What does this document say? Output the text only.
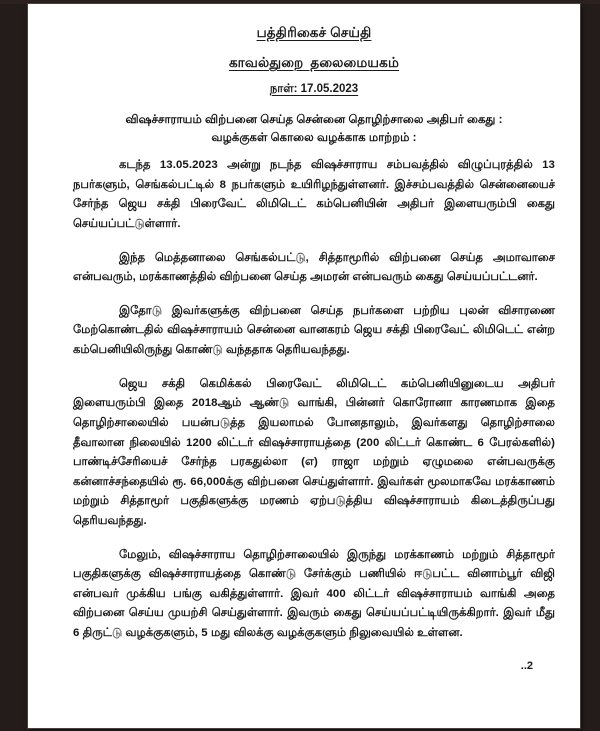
பத்திரிகைச் செய்தி
காவல்துறை தலைமையகம்
நாள்: 17.05.2023
விஷச்சாராயம் விற்பனை செய்த சென்னை தொழிற்சாலை அதிபர் கைது :
வழக்குகள் கொலை வழக்காக மாற்றம் :

கடந்த 13.05.2023 அன்று நடந்த விஷச்சாராய சம்பவத்தில் விழுப்புரத்தில் 13 நபர்களும், செங்கல்பட்டில் 8 நபர்களும் உயிரிழந்துள்ளனர். இச்சம்பவத்தில் சென்னையைச் சேர்ந்த ஜெய சக்தி பிரைவேட் லிமிடெட் கம்பெனியின் அதிபர் இளையரும்பி கைது செய்யப்பட்டுள்ளார்.

இந்த மெத்தனாலை செங்கல்பட்டு, சித்தாமூரில் விற்பனை செய்த அமாவாசை என்பவரும், மரக்காணத்தில் விற்பனை செய்த அமரன் என்பவரும் கைது செய்யப்பட்டனர்.

இதோடு இவர்களுக்கு விற்பனை செய்த நபர்களை பற்றிய புலன் விசாரணை மேற்கொண்டதில் விஷச்சாராயம் சென்னை வானகரம் ஜெய சக்தி பிரைவேட் லிமிடெட் என்ற கம்பெனியிலிருந்து கொண்டு வந்ததாக தெரியவந்தது.

ஜெய சக்தி கெமிக்கல் பிரைவேட் லிமிடெட் கம்பெனியினுடைய அதிபர் இளையரும்பி இதை 2018ஆம் ஆண்டு வாங்கி, பின்னர் கொரோனா காரணமாக இதை தொழிற்சாலையில் பயன்படுத்த இயலாமல் போனதாலும், இவர்களது தொழிற்சாலை தீவாலான நிலையில் 1200 லிட்டர் விஷச்சாராயத்தை (200 லிட்டர் கொண்ட 6 பேரல்களில்) பாண்டிச்சேரியைச் சேர்ந்த பரகதுல்லா (எ) ராஜா மற்றும் ஏழுமலை என்பவருக்கு கன்னாச்சந்தையில் ரூ. 66,000க்கு விற்பனை செய்துள்ளார். இவர்கள் மூலமாகவே மரக்காணம் மற்றும் சித்தாமூர் பகுதிகளுக்கு மரணம் ஏற்படுத்திய விஷச்சாராயம் கிடைத்திருப்பது தெரியவந்தது.

மேலும், விஷச்சாராய தொழிற்சாலையில் இருந்து மரக்காணம் மற்றும் சித்தாமூர் பகுதிகளுக்கு விஷச்சாராயத்தை கொண்டு சேர்க்கும் பணியில் ஈடுபட்ட வினாம்பூர் விஜி என்பவர் முக்கிய பங்கு வகித்துள்ளார். இவர் 400 லிட்டர் விஷச்சாராயம் வாங்கி அதை விற்பனை செய்ய முயற்சி செய்துள்ளார். இவரும் கைது செய்யப்பட்டியிருக்கிறார். இவர் மீது 6 திருட்டு வழக்குகளும், 5 மது விலக்கு வழக்குகளும் நிலுவையில் உள்ளன.

..2
